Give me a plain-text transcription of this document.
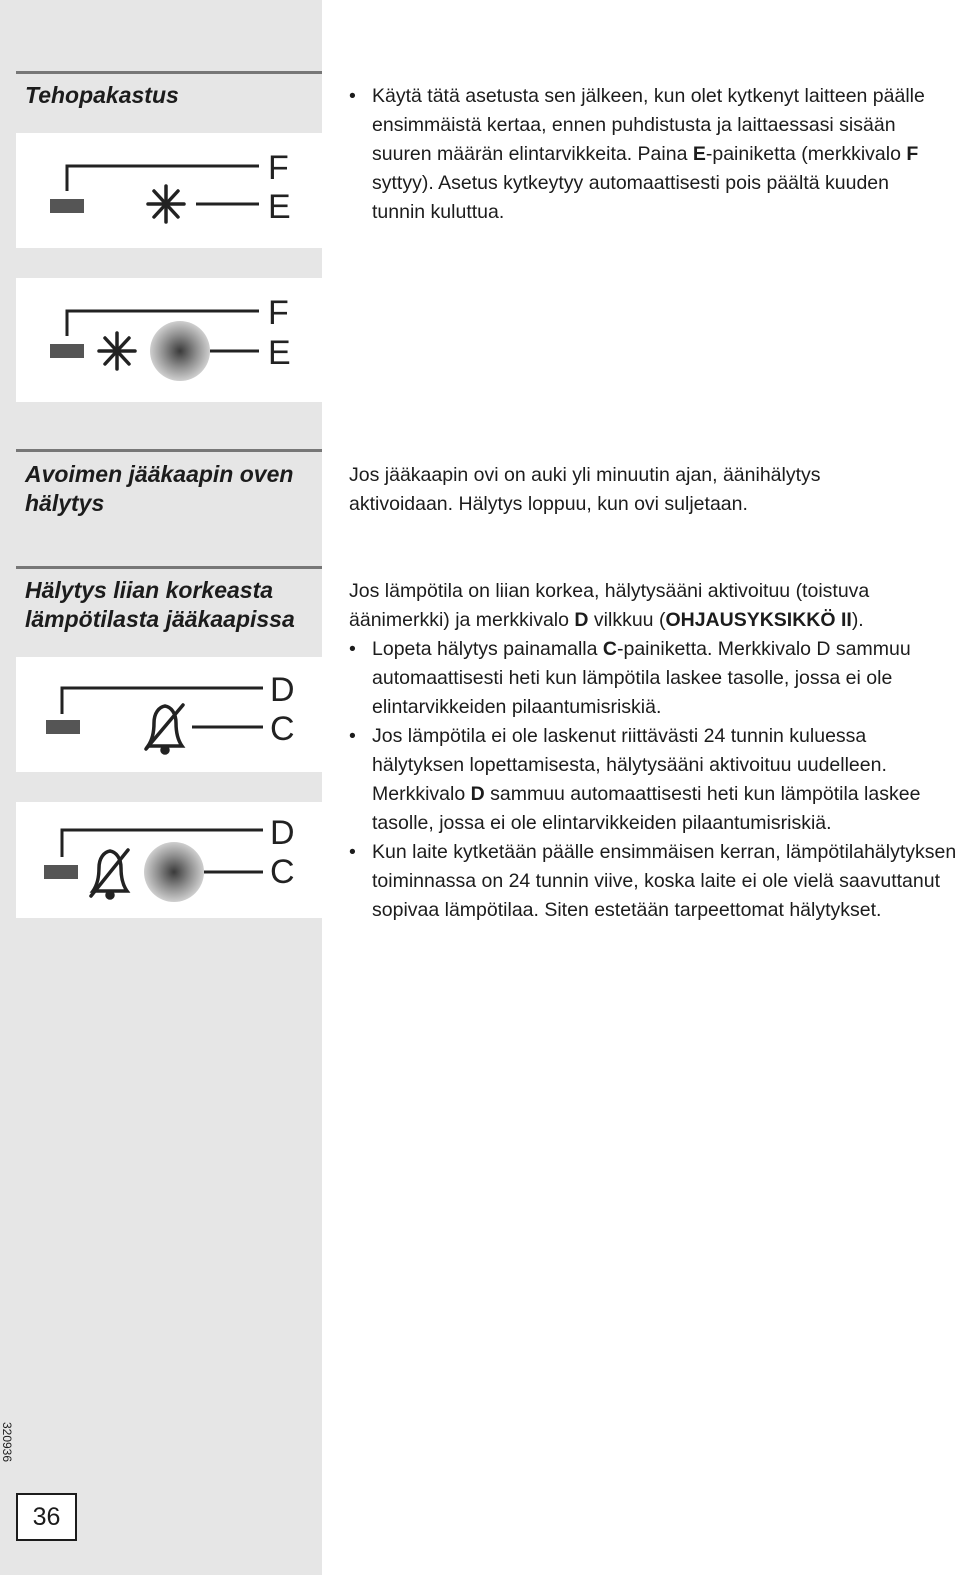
Tehopakastus
F
E
F
E
• Käytä tätä asetusta sen jälkeen, kun olet kytkenyt laitteen päälle ensimmäistä kertaa, ennen puhdistusta ja laittaessasi sisään suuren määrän elintarvikkeita. Paina E-painiketta (merkkivalo F syttyy). Asetus kytkeytyy automaattisesti pois päältä kuuden tunnin kuluttua.
Avoimen jääkaapin oven hälytys
Jos jääkaapin ovi on auki yli minuutin ajan, äänihälytys aktivoidaan. Hälytys loppuu, kun ovi suljetaan.
Hälytys liian korkeasta lämpötilasta jääkaapissa
D
C
D
C
Jos lämpötila on liian korkea, hälytysääni aktivoituu (toistuva äänimerkki) ja merkkivalo D vilkkuu (OHJAUSYKSIKKÖ II).
• Lopeta hälytys painamalla C-painiketta. Merkkivalo D sammuu automaattisesti heti kun lämpötila laskee tasolle, jossa ei ole elintarvikkeiden pilaantumisriskiä.
• Jos lämpötila ei ole laskenut riittävästi 24 tunnin kuluessa hälytyksen lopettamisesta, hälytysääni aktivoituu uudelleen. Merkkivalo D sammuu automaattisesti heti kun lämpötila laskee tasolle, jossa ei ole elintarvikkeiden pilaantumisriskiä.
• Kun laite kytketään päälle ensimmäisen kerran, lämpötilahälytyksen toiminnassa on 24 tunnin viive, koska laite ei ole vielä saavuttanut sopivaa lämpötilaa. Siten estetään tarpeettomat hälytykset.
320936
36
